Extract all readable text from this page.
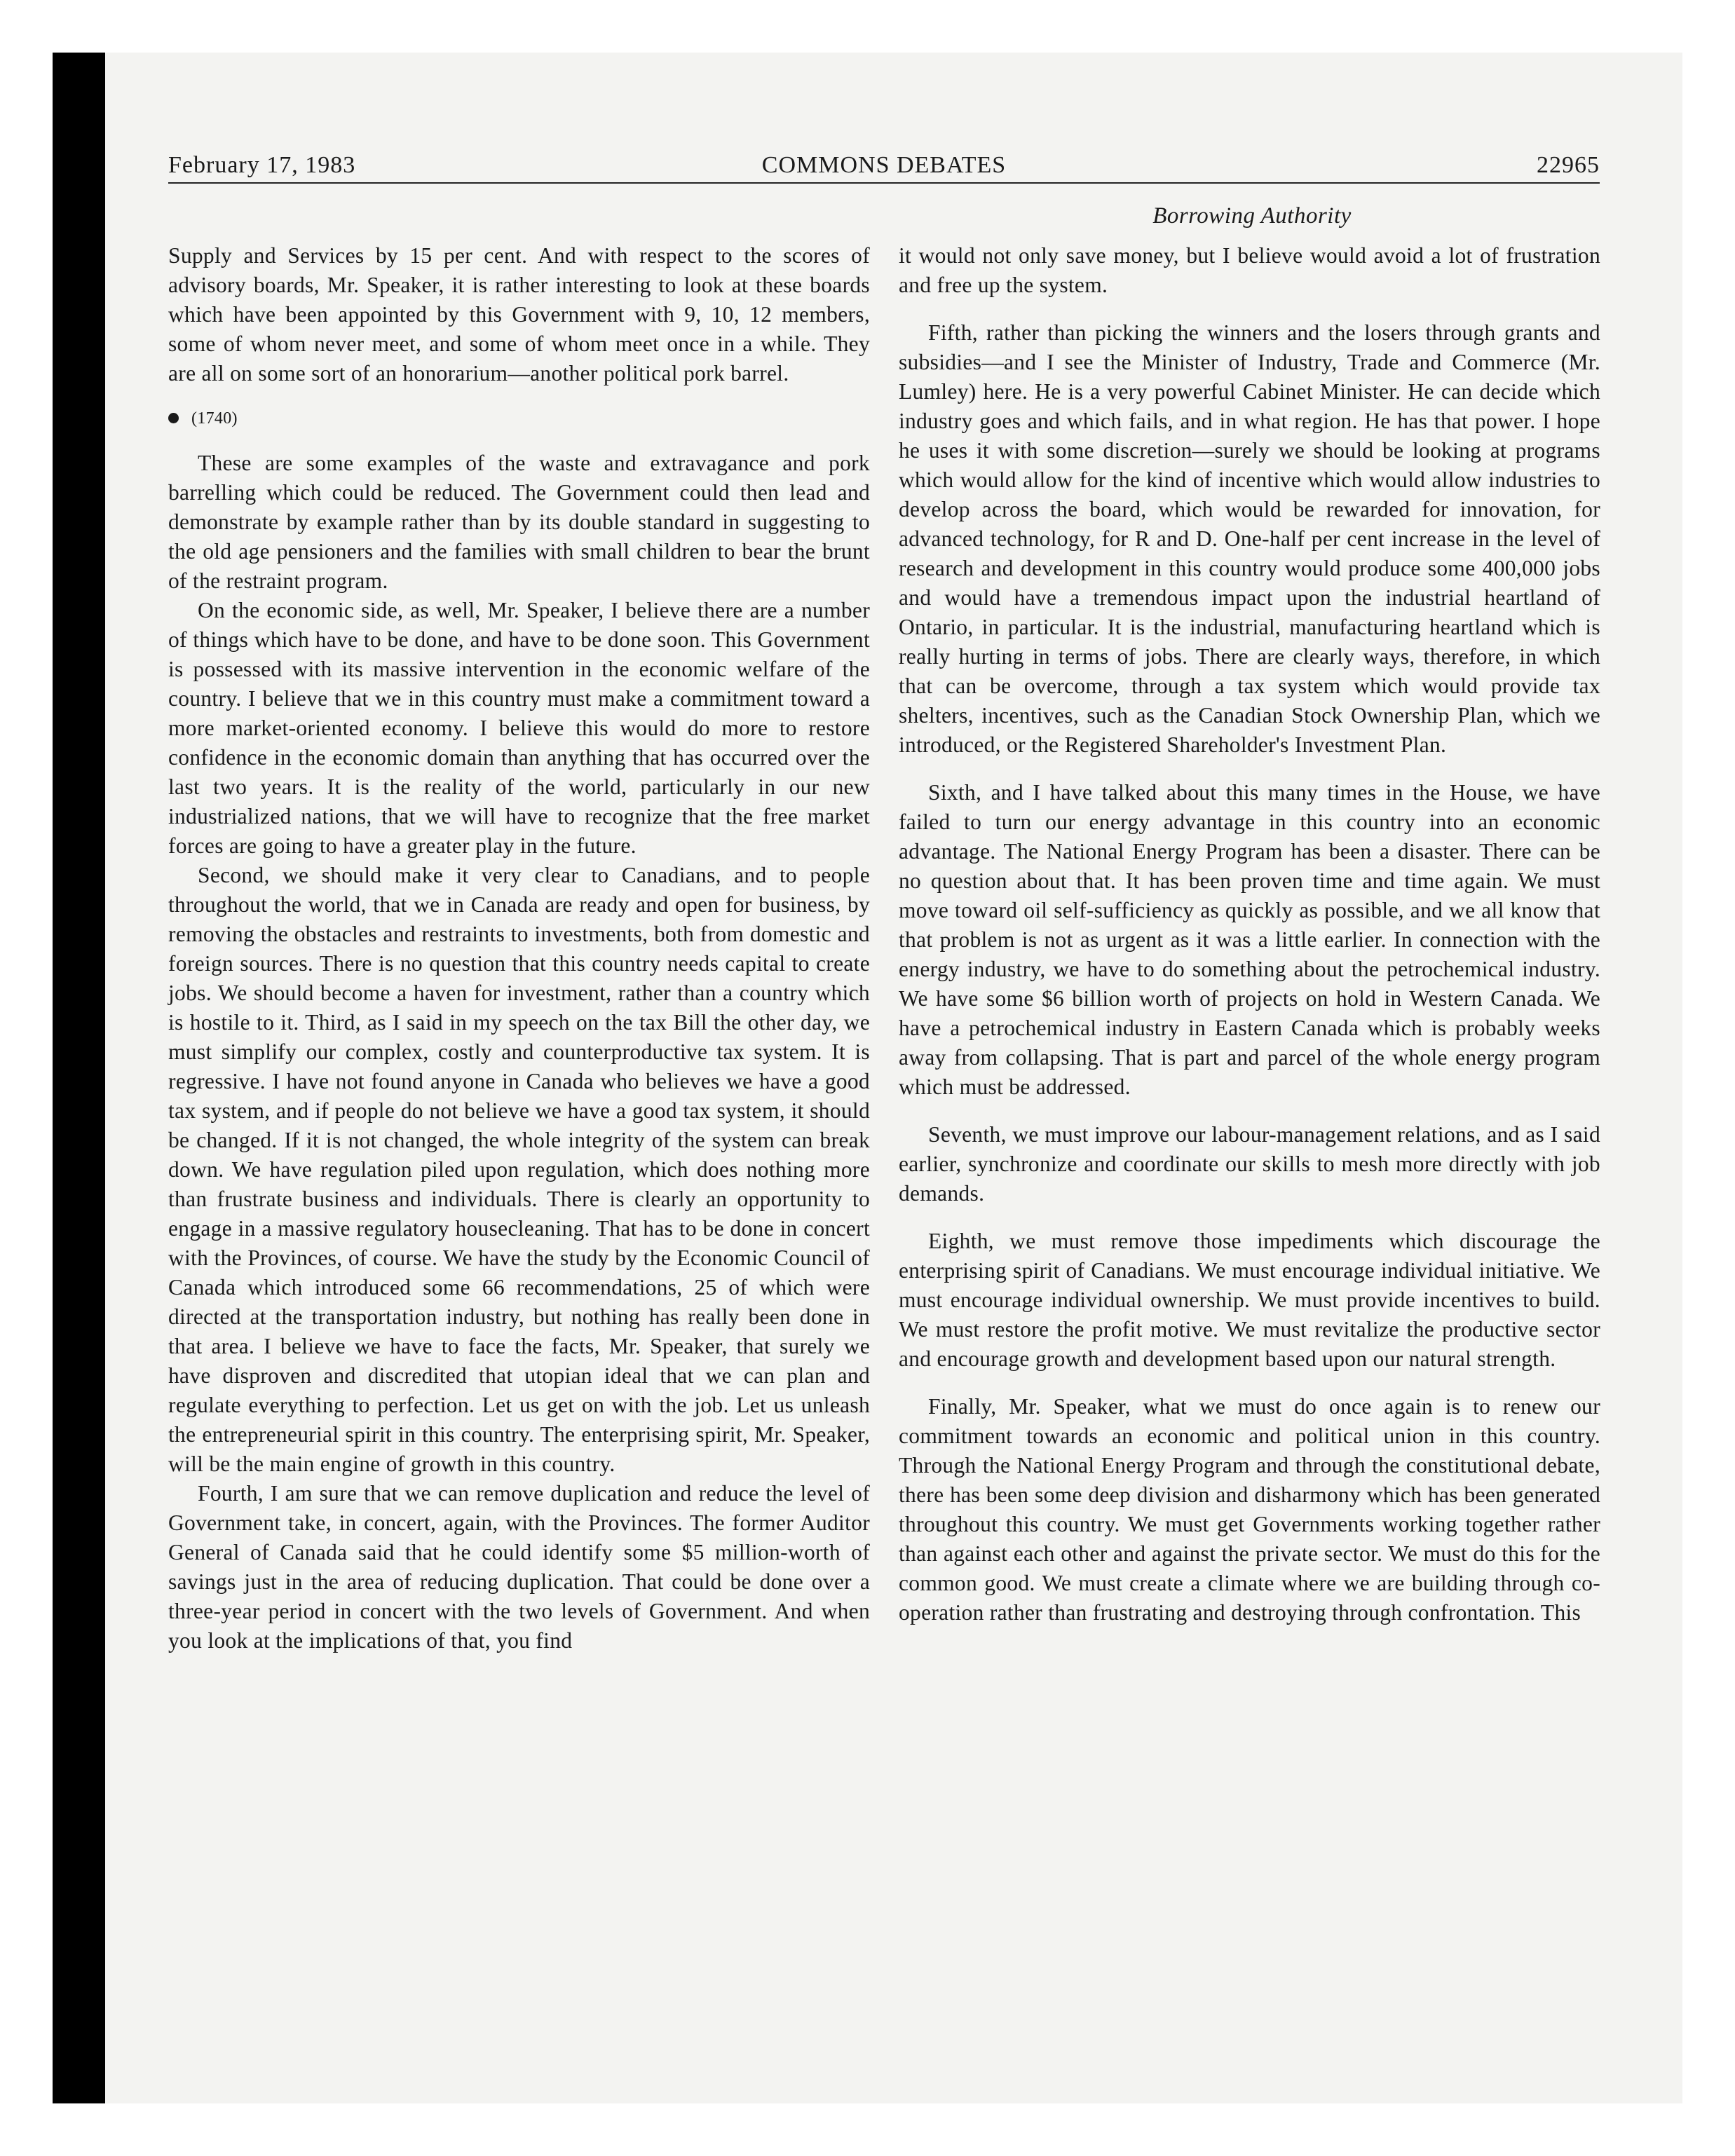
February 17, 1983	COMMONS DEBATES	22965
Borrowing Authority

Supply and Services by 15 per cent. And with respect to the scores of advisory boards, Mr. Speaker, it is rather interesting to look at these boards which have been appointed by this Government with 9, 10, 12 members, some of whom never meet, and some of whom meet once in a while. They are all on some sort of an honorarium—another political pork barrel.

(1740)

These are some examples of the waste and extravagance and pork barrelling which could be reduced. The Government could then lead and demonstrate by example rather than by its double standard in suggesting to the old age pensioners and the families with small children to bear the brunt of the restraint program.

On the economic side, as well, Mr. Speaker, I believe there are a number of things which have to be done, and have to be done soon. This Government is possessed with its massive intervention in the economic welfare of the country. I believe that we in this country must make a commitment toward a more market-oriented economy. I believe this would do more to restore confidence in the economic domain than anything that has occurred over the last two years. It is the reality of the world, particularly in our new industrialized nations, that we will have to recognize that the free market forces are going to have a greater play in the future.

Second, we should make it very clear to Canadians, and to people throughout the world, that we in Canada are ready and open for business, by removing the obstacles and restraints to investments, both from domestic and foreign sources. There is no question that this country needs capital to create jobs. We should become a haven for investment, rather than a country which is hostile to it. Third, as I said in my speech on the tax Bill the other day, we must simplify our complex, costly and counterproductive tax system. It is regressive. I have not found anyone in Canada who believes we have a good tax system, and if people do not believe we have a good tax system, it should be changed. If it is not changed, the whole integrity of the system can break down. We have regulation piled upon regulation, which does nothing more than frustrate business and individuals. There is clearly an opportunity to engage in a massive regulatory housecleaning. That has to be done in concert with the Provinces, of course. We have the study by the Economic Council of Canada which introduced some 66 recommendations, 25 of which were directed at the transportation industry, but nothing has really been done in that area. I believe we have to face the facts, Mr. Speaker, that surely we have disproven and discredited that utopian ideal that we can plan and regulate everything to perfection. Let us get on with the job. Let us unleash the entrepreneurial spirit in this country. The enterprising spirit, Mr. Speaker, will be the main engine of growth in this country.

Fourth, I am sure that we can remove duplication and reduce the level of Government take, in concert, again, with the Provinces. The former Auditor General of Canada said that he could identify some $5 million-worth of savings just in the area of reducing duplication. That could be done over a three-year period in concert with the two levels of Government. And when you look at the implications of that, you find

it would not only save money, but I believe would avoid a lot of frustration and free up the system.

Fifth, rather than picking the winners and the losers through grants and subsidies—and I see the Minister of Industry, Trade and Commerce (Mr. Lumley) here. He is a very powerful Cabinet Minister. He can decide which industry goes and which fails, and in what region. He has that power. I hope he uses it with some discretion—surely we should be looking at programs which would allow for the kind of incentive which would allow industries to develop across the board, which would be rewarded for innovation, for advanced technology, for R and D. One-half per cent increase in the level of research and development in this country would produce some 400,000 jobs and would have a tremendous impact upon the industrial heartland of Ontario, in particular. It is the industrial, manufacturing heartland which is really hurting in terms of jobs. There are clearly ways, therefore, in which that can be overcome, through a tax system which would provide tax shelters, incentives, such as the Canadian Stock Ownership Plan, which we introduced, or the Registered Shareholder's Investment Plan.

Sixth, and I have talked about this many times in the House, we have failed to turn our energy advantage in this country into an economic advantage. The National Energy Program has been a disaster. There can be no question about that. It has been proven time and time again. We must move toward oil self-sufficiency as quickly as possible, and we all know that that problem is not as urgent as it was a little earlier. In connection with the energy industry, we have to do something about the petrochemical industry. We have some $6 billion worth of projects on hold in Western Canada. We have a petrochemical industry in Eastern Canada which is probably weeks away from collapsing. That is part and parcel of the whole energy program which must be addressed.

Seventh, we must improve our labour-management relations, and as I said earlier, synchronize and coordinate our skills to mesh more directly with job demands.

Eighth, we must remove those impediments which discourage the enterprising spirit of Canadians. We must encourage individual initiative. We must encourage individual ownership. We must provide incentives to build. We must restore the profit motive. We must revitalize the productive sector and encourage growth and development based upon our natural strength.

Finally, Mr. Speaker, what we must do once again is to renew our commitment towards an economic and political union in this country. Through the National Energy Program and through the constitutional debate, there has been some deep division and disharmony which has been generated throughout this country. We must get Governments working together rather than against each other and against the private sector. We must do this for the common good. We must create a climate where we are building through co-operation rather than frustrating and destroying through confrontation. This
